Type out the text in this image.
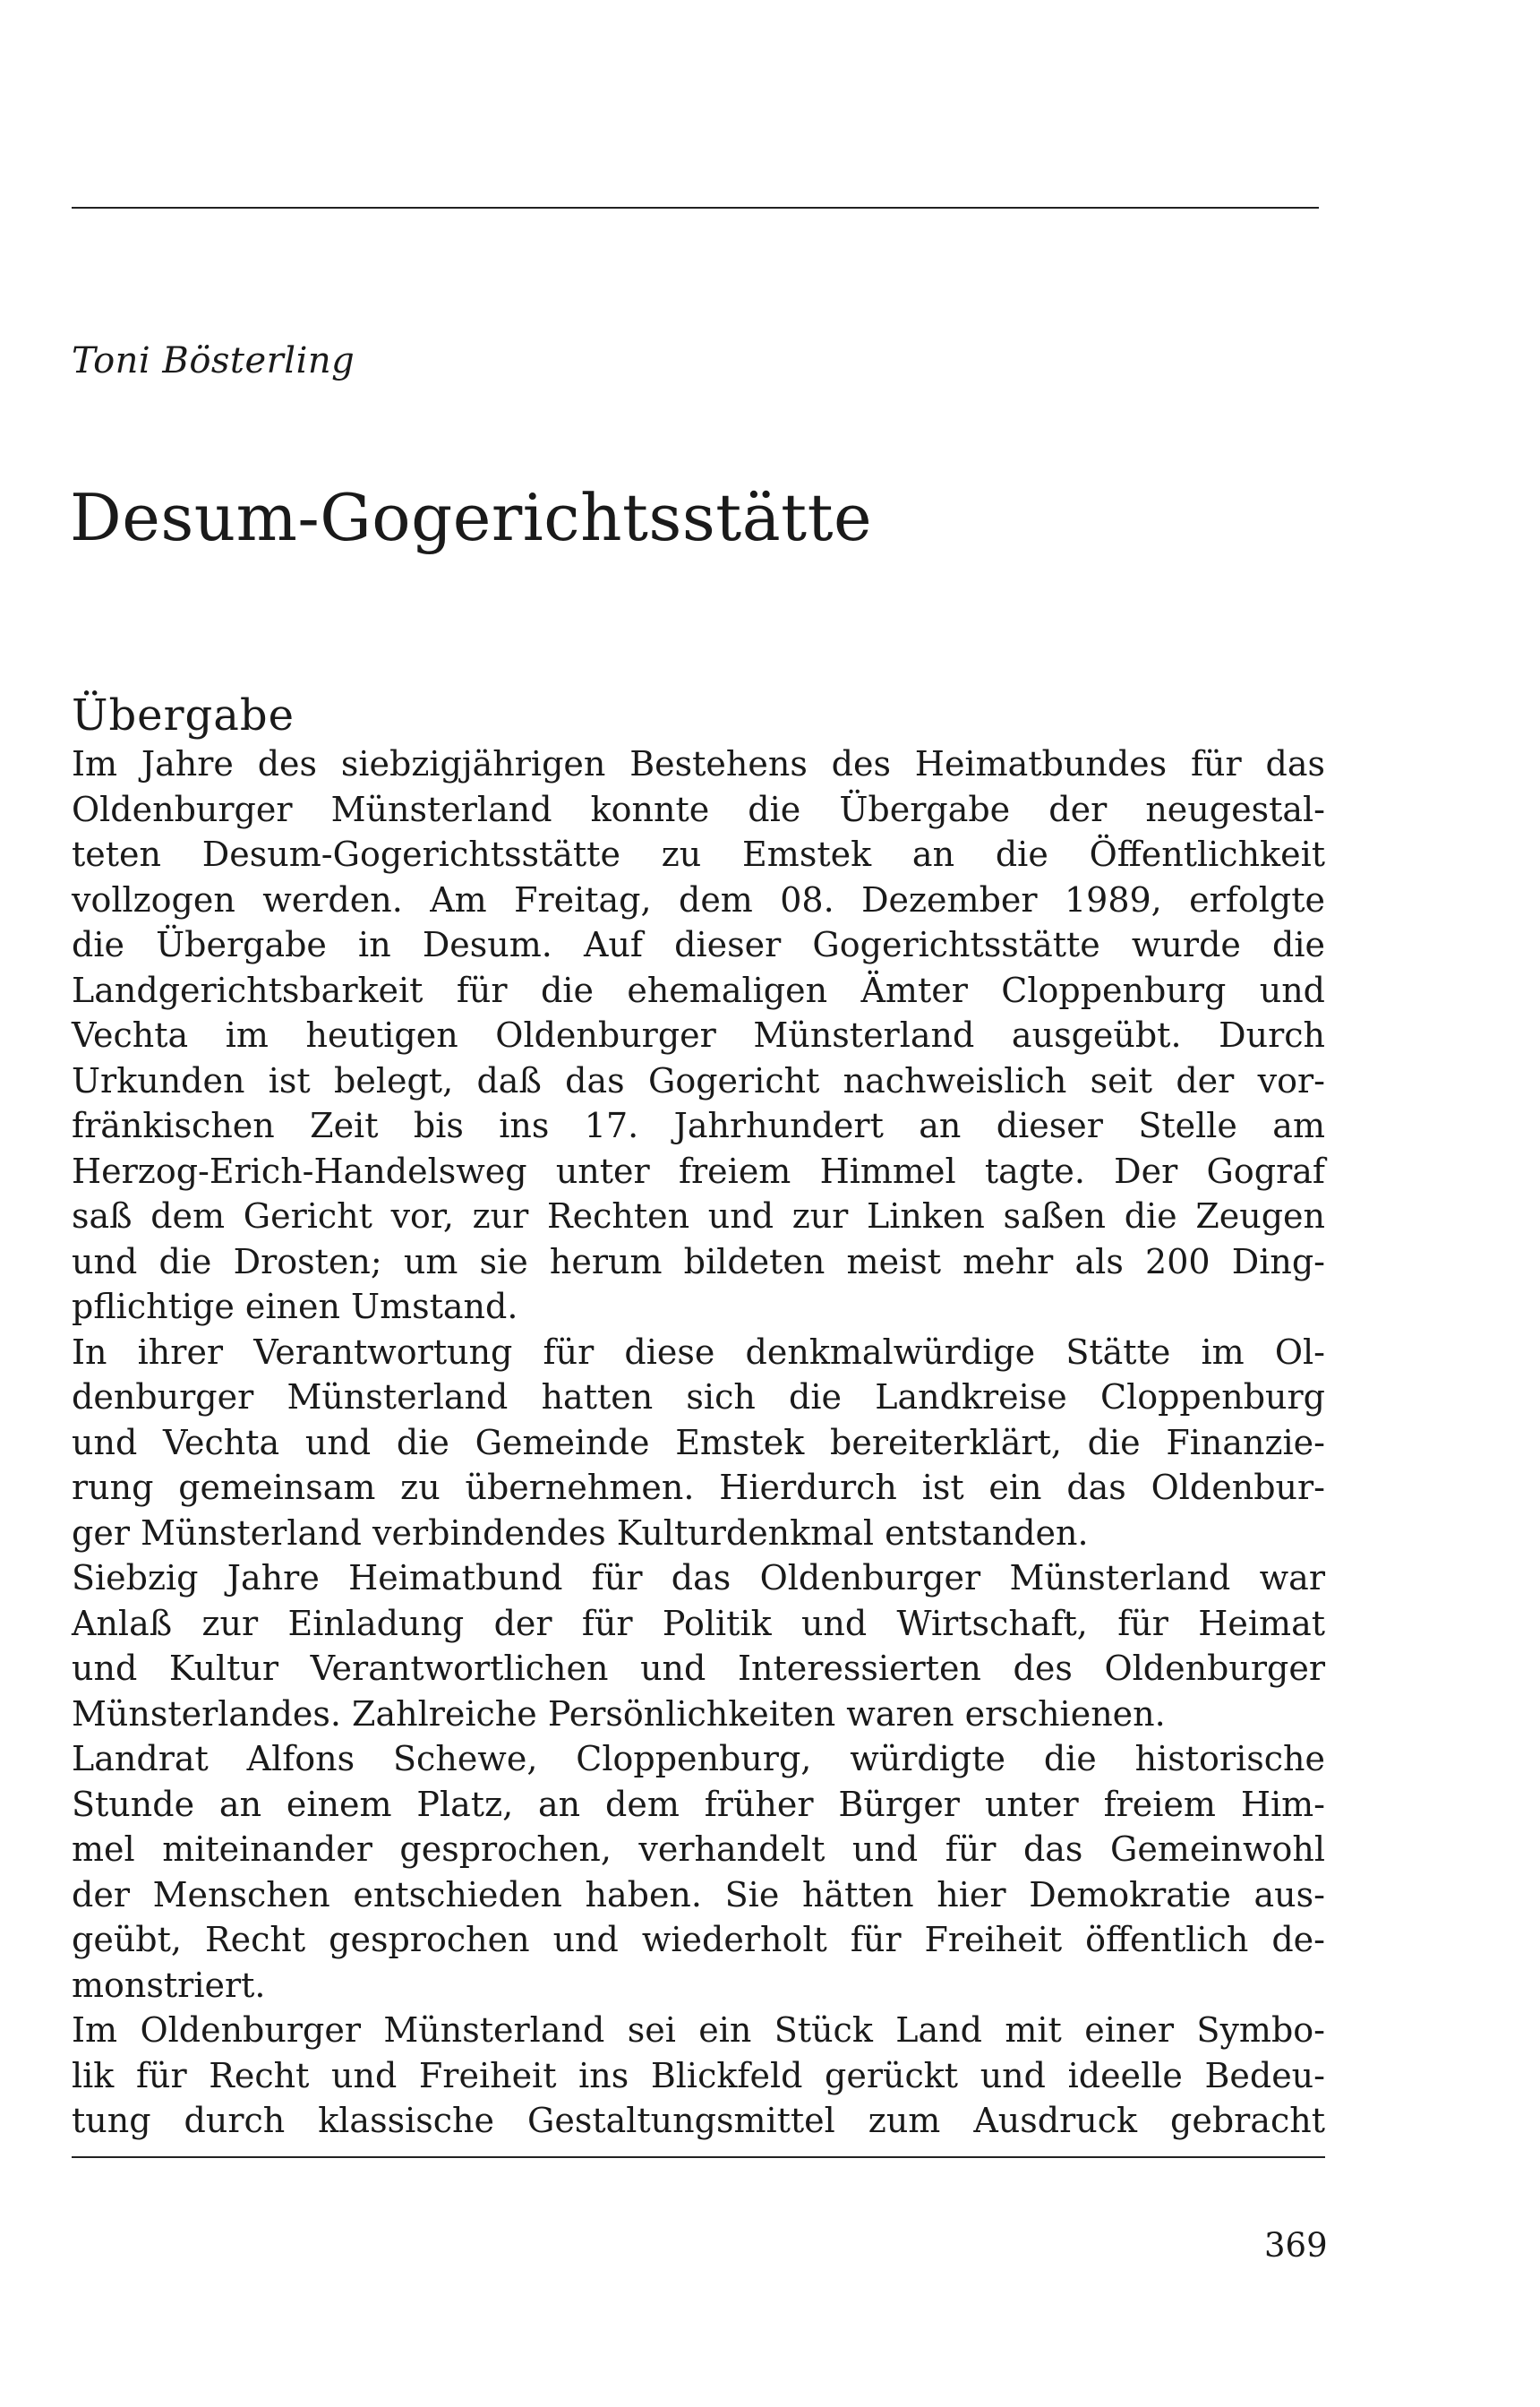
Toni Bösterling
Desum-Gogerichtsstätte
Übergabe
Im Jahre des siebzigjährigen Bestehens des Heimatbundes für das
Oldenburger Münsterland konnte die Übergabe der neugestal-
teten Desum-Gogerichtsstätte zu Emstek an die Öffentlichkeit
vollzogen werden. Am Freitag, dem 08. Dezember 1989, erfolgte
die Übergabe in Desum. Auf dieser Gogerichtsstätte wurde die
Landgerichtsbarkeit für die ehemaligen Ämter Cloppenburg und
Vechta im heutigen Oldenburger Münsterland ausgeübt. Durch
Urkunden ist belegt, daß das Gogericht nachweislich seit der vor-
fränkischen Zeit bis ins 17. Jahrhundert an dieser Stelle am
Herzog-Erich-Handelsweg unter freiem Himmel tagte. Der Gograf
saß dem Gericht vor, zur Rechten und zur Linken saßen die Zeugen
und die Drosten; um sie herum bildeten meist mehr als 200 Ding-
pflichtige einen Umstand.
In ihrer Verantwortung für diese denkmalwürdige Stätte im Ol-
denburger Münsterland hatten sich die Landkreise Cloppenburg
und Vechta und die Gemeinde Emstek bereiterklärt, die Finanzie-
rung gemeinsam zu übernehmen. Hierdurch ist ein das Oldenbur-
ger Münsterland verbindendes Kulturdenkmal entstanden.
Siebzig Jahre Heimatbund für das Oldenburger Münsterland war
Anlaß zur Einladung der für Politik und Wirtschaft, für Heimat
und Kultur Verantwortlichen und Interessierten des Oldenburger
Münsterlandes. Zahlreiche Persönlichkeiten waren erschienen.
Landrat Alfons Schewe, Cloppenburg, würdigte die historische
Stunde an einem Platz, an dem früher Bürger unter freiem Him-
mel miteinander gesprochen, verhandelt und für das Gemeinwohl
der Menschen entschieden haben. Sie hätten hier Demokratie aus-
geübt, Recht gesprochen und wiederholt für Freiheit öffentlich de-
monstriert.
Im Oldenburger Münsterland sei ein Stück Land mit einer Symbo-
lik für Recht und Freiheit ins Blickfeld gerückt und ideelle Bedeu-
tung durch klassische Gestaltungsmittel zum Ausdruck gebracht
369
